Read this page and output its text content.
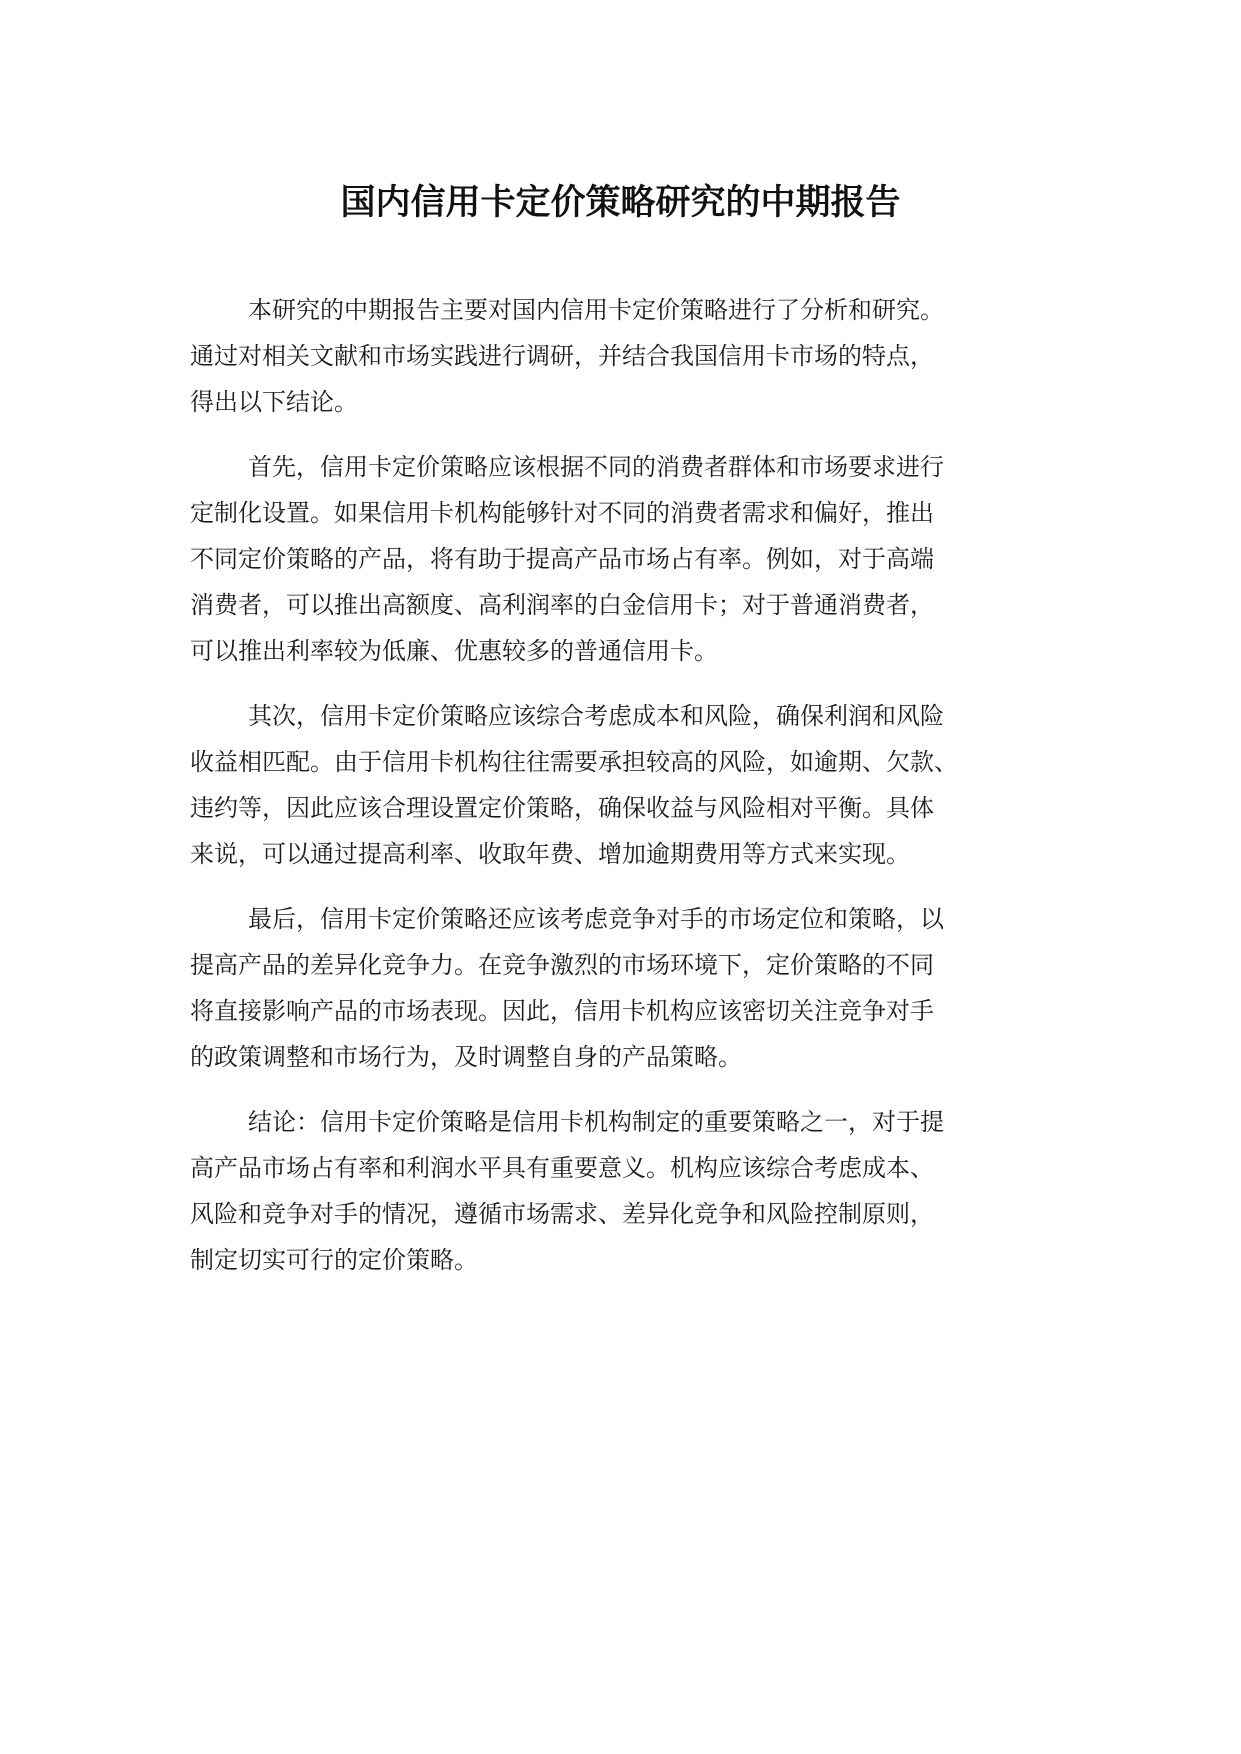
国内信用卡定价策略研究的中期报告

本研究的中期报告主要对国内信用卡定价策略进行了分析和研究。
通过对相关文献和市场实践进行调研，并结合我国信用卡市场的特点，
得出以下结论。

首先，信用卡定价策略应该根据不同的消费者群体和市场要求进行
定制化设置。如果信用卡机构能够针对不同的消费者需求和偏好，推出
不同定价策略的产品，将有助于提高产品市场占有率。例如，对于高端
消费者，可以推出高额度、高利润率的白金信用卡；对于普通消费者，
可以推出利率较为低廉、优惠较多的普通信用卡。

其次，信用卡定价策略应该综合考虑成本和风险，确保利润和风险
收益相匹配。由于信用卡机构往往需要承担较高的风险，如逾期、欠款、
违约等，因此应该合理设置定价策略，确保收益与风险相对平衡。具体
来说，可以通过提高利率、收取年费、增加逾期费用等方式来实现。

最后，信用卡定价策略还应该考虑竞争对手的市场定位和策略，以
提高产品的差异化竞争力。在竞争激烈的市场环境下，定价策略的不同
将直接影响产品的市场表现。因此，信用卡机构应该密切关注竞争对手
的政策调整和市场行为，及时调整自身的产品策略。

结论：信用卡定价策略是信用卡机构制定的重要策略之一，对于提
高产品市场占有率和利润水平具有重要意义。机构应该综合考虑成本、
风险和竞争对手的情况，遵循市场需求、差异化竞争和风险控制原则，
制定切实可行的定价策略。
